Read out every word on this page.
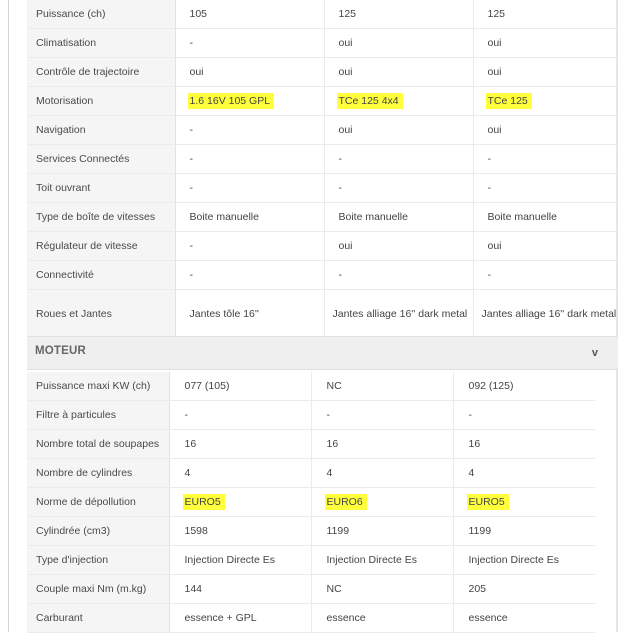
Puissance (ch)	105	125	125
Climatisation	-	oui	oui
Contrôle de trajectoire	oui	oui	oui
Motorisation	1.6 16V 105 GPL	TCe 125 4x4	TCe 125
Navigation	-	oui	oui
Services Connectés	-	-	-
Toit ouvrant	-	-	-
Type de boîte de vitesses	Boite manuelle	Boite manuelle	Boite manuelle
Régulateur de vitesse	-	oui	oui
Connectivité	-	-	-
Roues et Jantes	Jantes tôle 16''	Jantes alliage 16'' dark metal	Jantes alliage 16'' dark metal
MOTEUR	v
Puissance maxi KW (ch)	077 (105)	NC	092 (125)
Filtre à particules	-	-	-
Nombre total de soupapes	16	16	16
Nombre de cylindres	4	4	4
Norme de dépollution	EURO5	EURO6	EURO5
Cylindrée (cm3)	1598	1199	1199
Type d'injection	Injection Directe Es	Injection Directe Es	Injection Directe Es
Couple maxi Nm (m.kg)	144	NC	205
Carburant	essence + GPL	essence	essence
